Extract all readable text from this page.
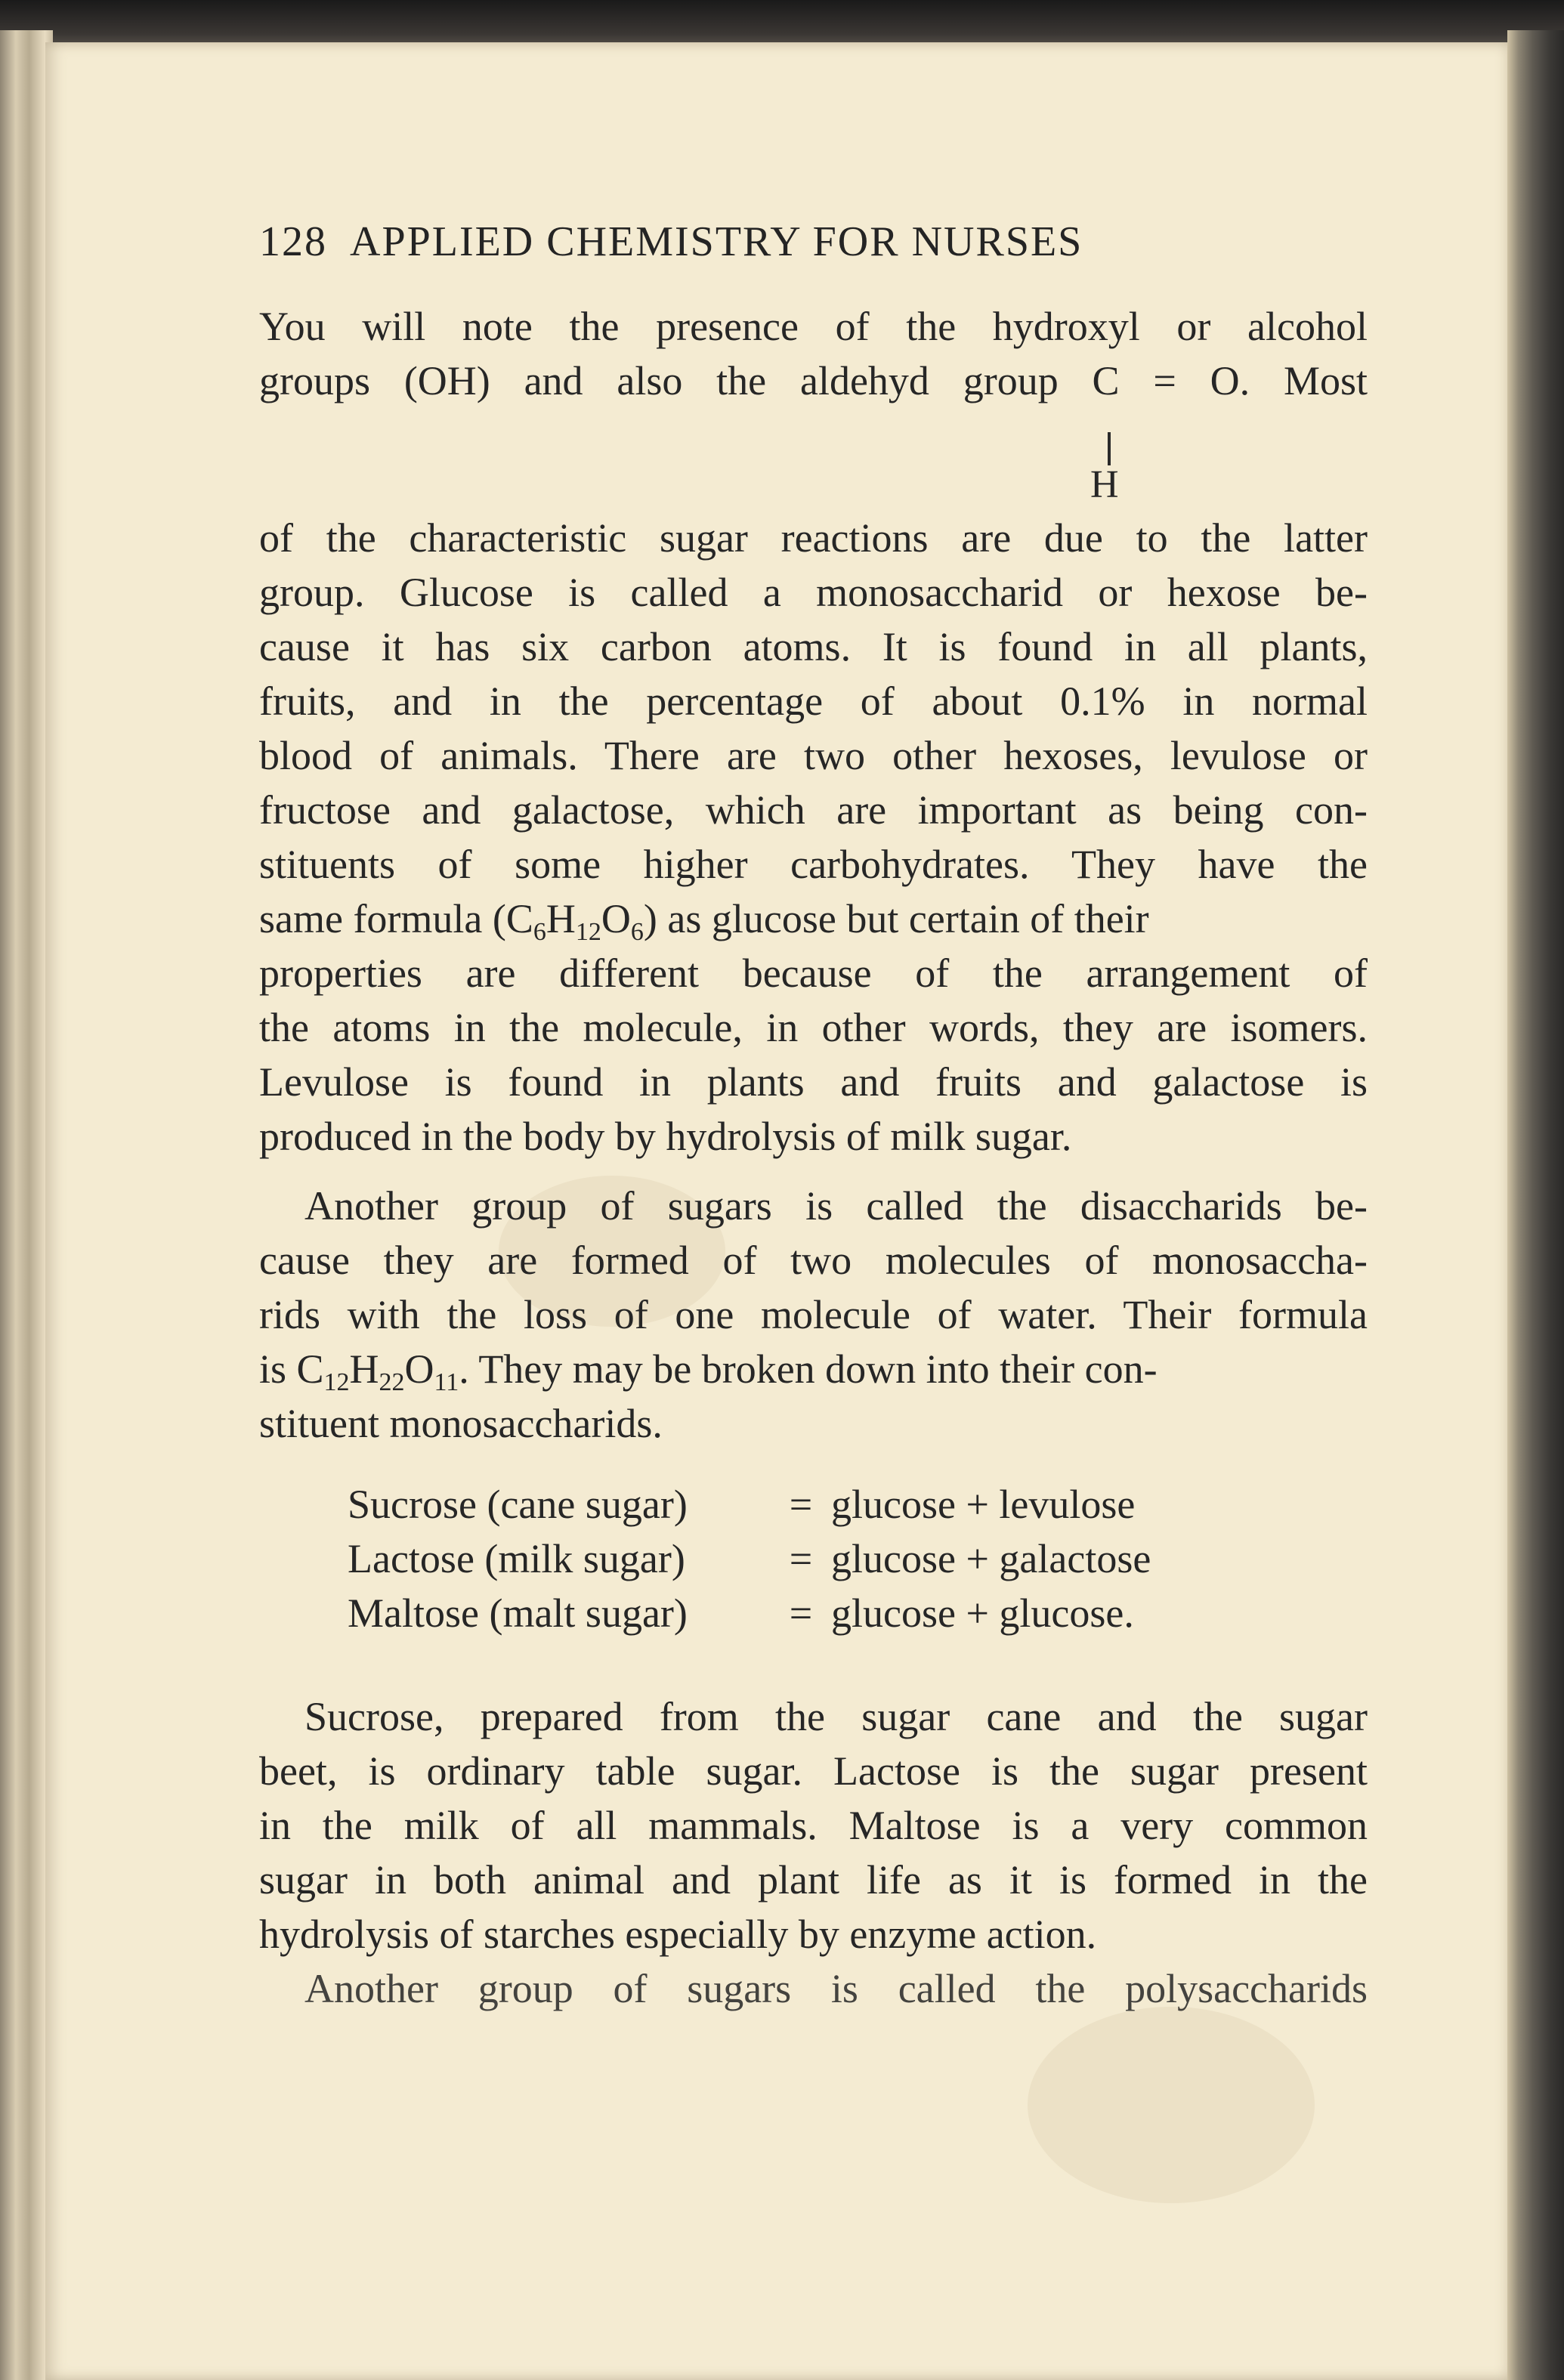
128 APPLIED CHEMISTRY FOR NURSES
You will note the presence of the hydroxyl or alcohol
groups (OH) and also the aldehyd group C = O. Most
H
of the characteristic sugar reactions are due to the latter
group. Glucose is called a monosaccharid or hexose be-
cause it has six carbon atoms. It is found in all plants,
fruits, and in the percentage of about 0.1% in normal
blood of animals. There are two other hexoses, levulose or
fructose and galactose, which are important as being con-
stituents of some higher carbohydrates. They have the
same formula $(C_6H_{12}O_6)$ as glucose but certain of their
properties are different because of the arrangement of
the atoms in the molecule, in other words, they are isomers.
Levulose is found in plants and fruits and galactose is
produced in the body by hydrolysis of milk sugar.
Another group of sugars is called the disaccharids be-
cause they are formed of two molecules of monosaccha-
rids with the loss of one molecule of water. Their formula
is $C_{12}H_{22}O_{11}$. They may be broken down into their con-
stituent monosaccharids.
Sucrose (cane sugar) = glucose + levulose
Lactose (milk sugar)	= glucose + galactose
Maltose (malt sugar) = glucose + glucose.
Sucrose, prepared from the sugar cane and the sugar
beet, is ordinary table sugar. Lactose is the sugar present
in the milk of all mammals. Maltose is a very common
sugar in both animal and plant life as it is formed in the
hydrolysis of starches especially by enzyme action.
Another group of sugars is called the polysaccharids
